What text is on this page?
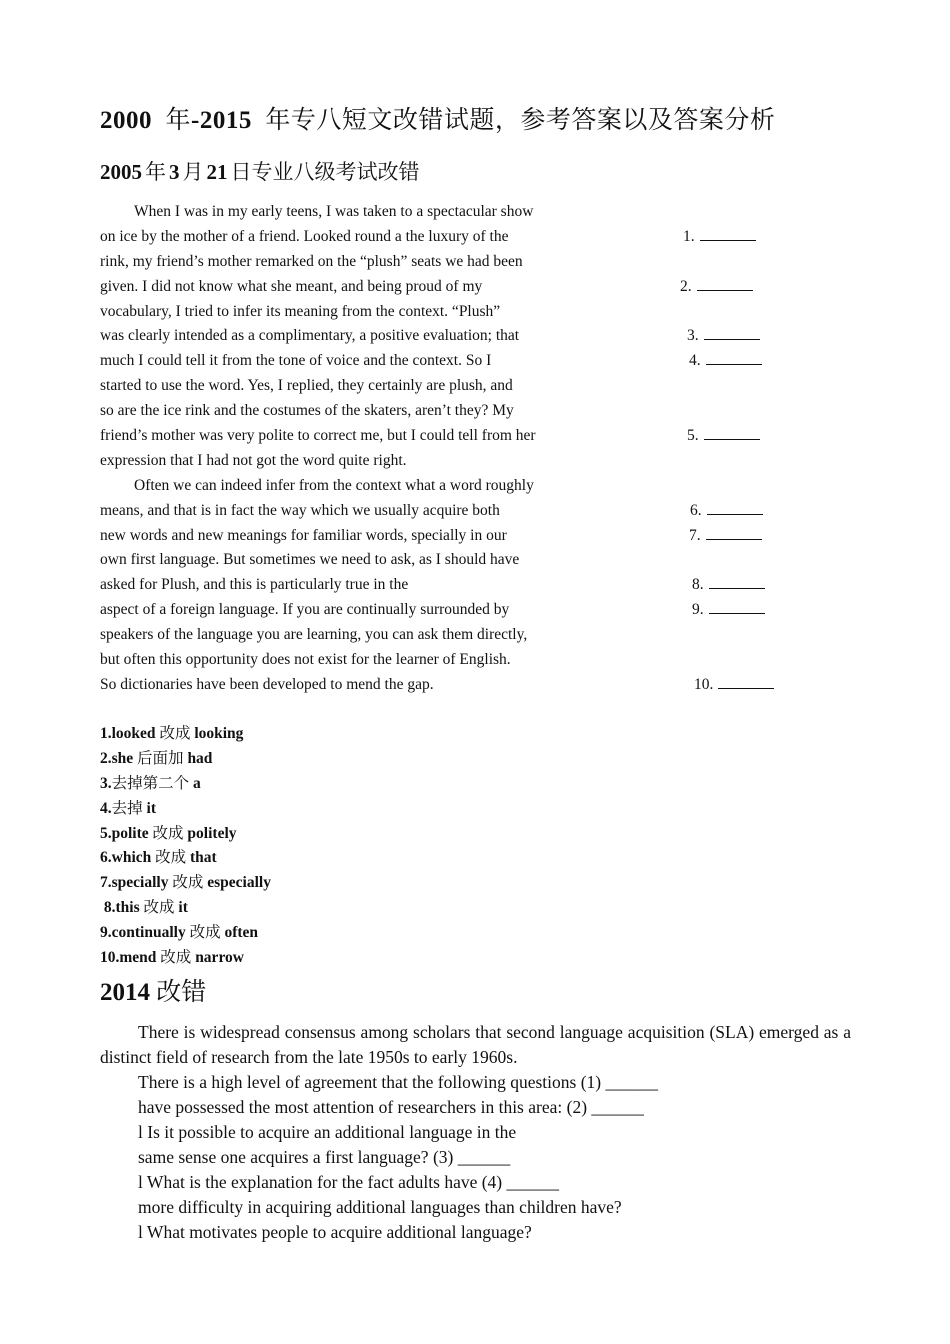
2000 年-2015 年专八短文改错试题，参考答案以及答案分析
2005 年 3 月 21 日专业八级考试改错
When I was in my early teens, I was taken to a spectacular show
on ice by the mother of a friend. Looked round a the luxury of the	1.
rink, my friend’s mother remarked on the “plush” seats we had been
given. I did not know what she meant, and being proud of my	2.
vocabulary, I tried to infer its meaning from the context. “Plush”
was clearly intended as a complimentary, a positive evaluation; that	3.
much I could tell it from the tone of voice and the context. So I	4.
started to use the word. Yes, I replied, they certainly are plush, and
so are the ice rink and the costumes of the skaters, aren’t they? My
friend’s mother was very polite to correct me, but I could tell from her	5.
expression that I had not got the word quite right.
Often we can indeed infer from the context what a word roughly
means, and that is in fact the way which we usually acquire both	6.
new words and new meanings for familiar words, specially in our	7.
own first language. But sometimes we need to ask, as I should have
asked for Plush, and this is particularly true in the	8.
aspect of a foreign language. If you are continually surrounded by	9.
speakers of the language you are learning, you can ask them directly,
but often this opportunity does not exist for the learner of English.
So dictionaries have been developed to mend the gap.	10.
1.looked 改成 looking
2.she 后面加 had
3.去掉第二个 a
4.去掉 it
5.polite 改成 politely
6.which 改成 that
7.specially 改成 especially
8.this 改成 it
9.continually 改成 often
10.mend 改成 narrow
2014 改错
There is widespread consensus among scholars that second language acquisition (SLA) emerged as a distinct field of research from the late 1950s to early 1960s.
There is a high level of agreement that the following questions (1) ______
have possessed the most attention of researchers in this area: (2) ______
l Is it possible to acquire an additional language in the
same sense one acquires a first language? (3) ______
l What is the explanation for the fact adults have (4) ______
more difficulty in acquiring additional languages than children have?
l What motivates people to acquire additional language?
